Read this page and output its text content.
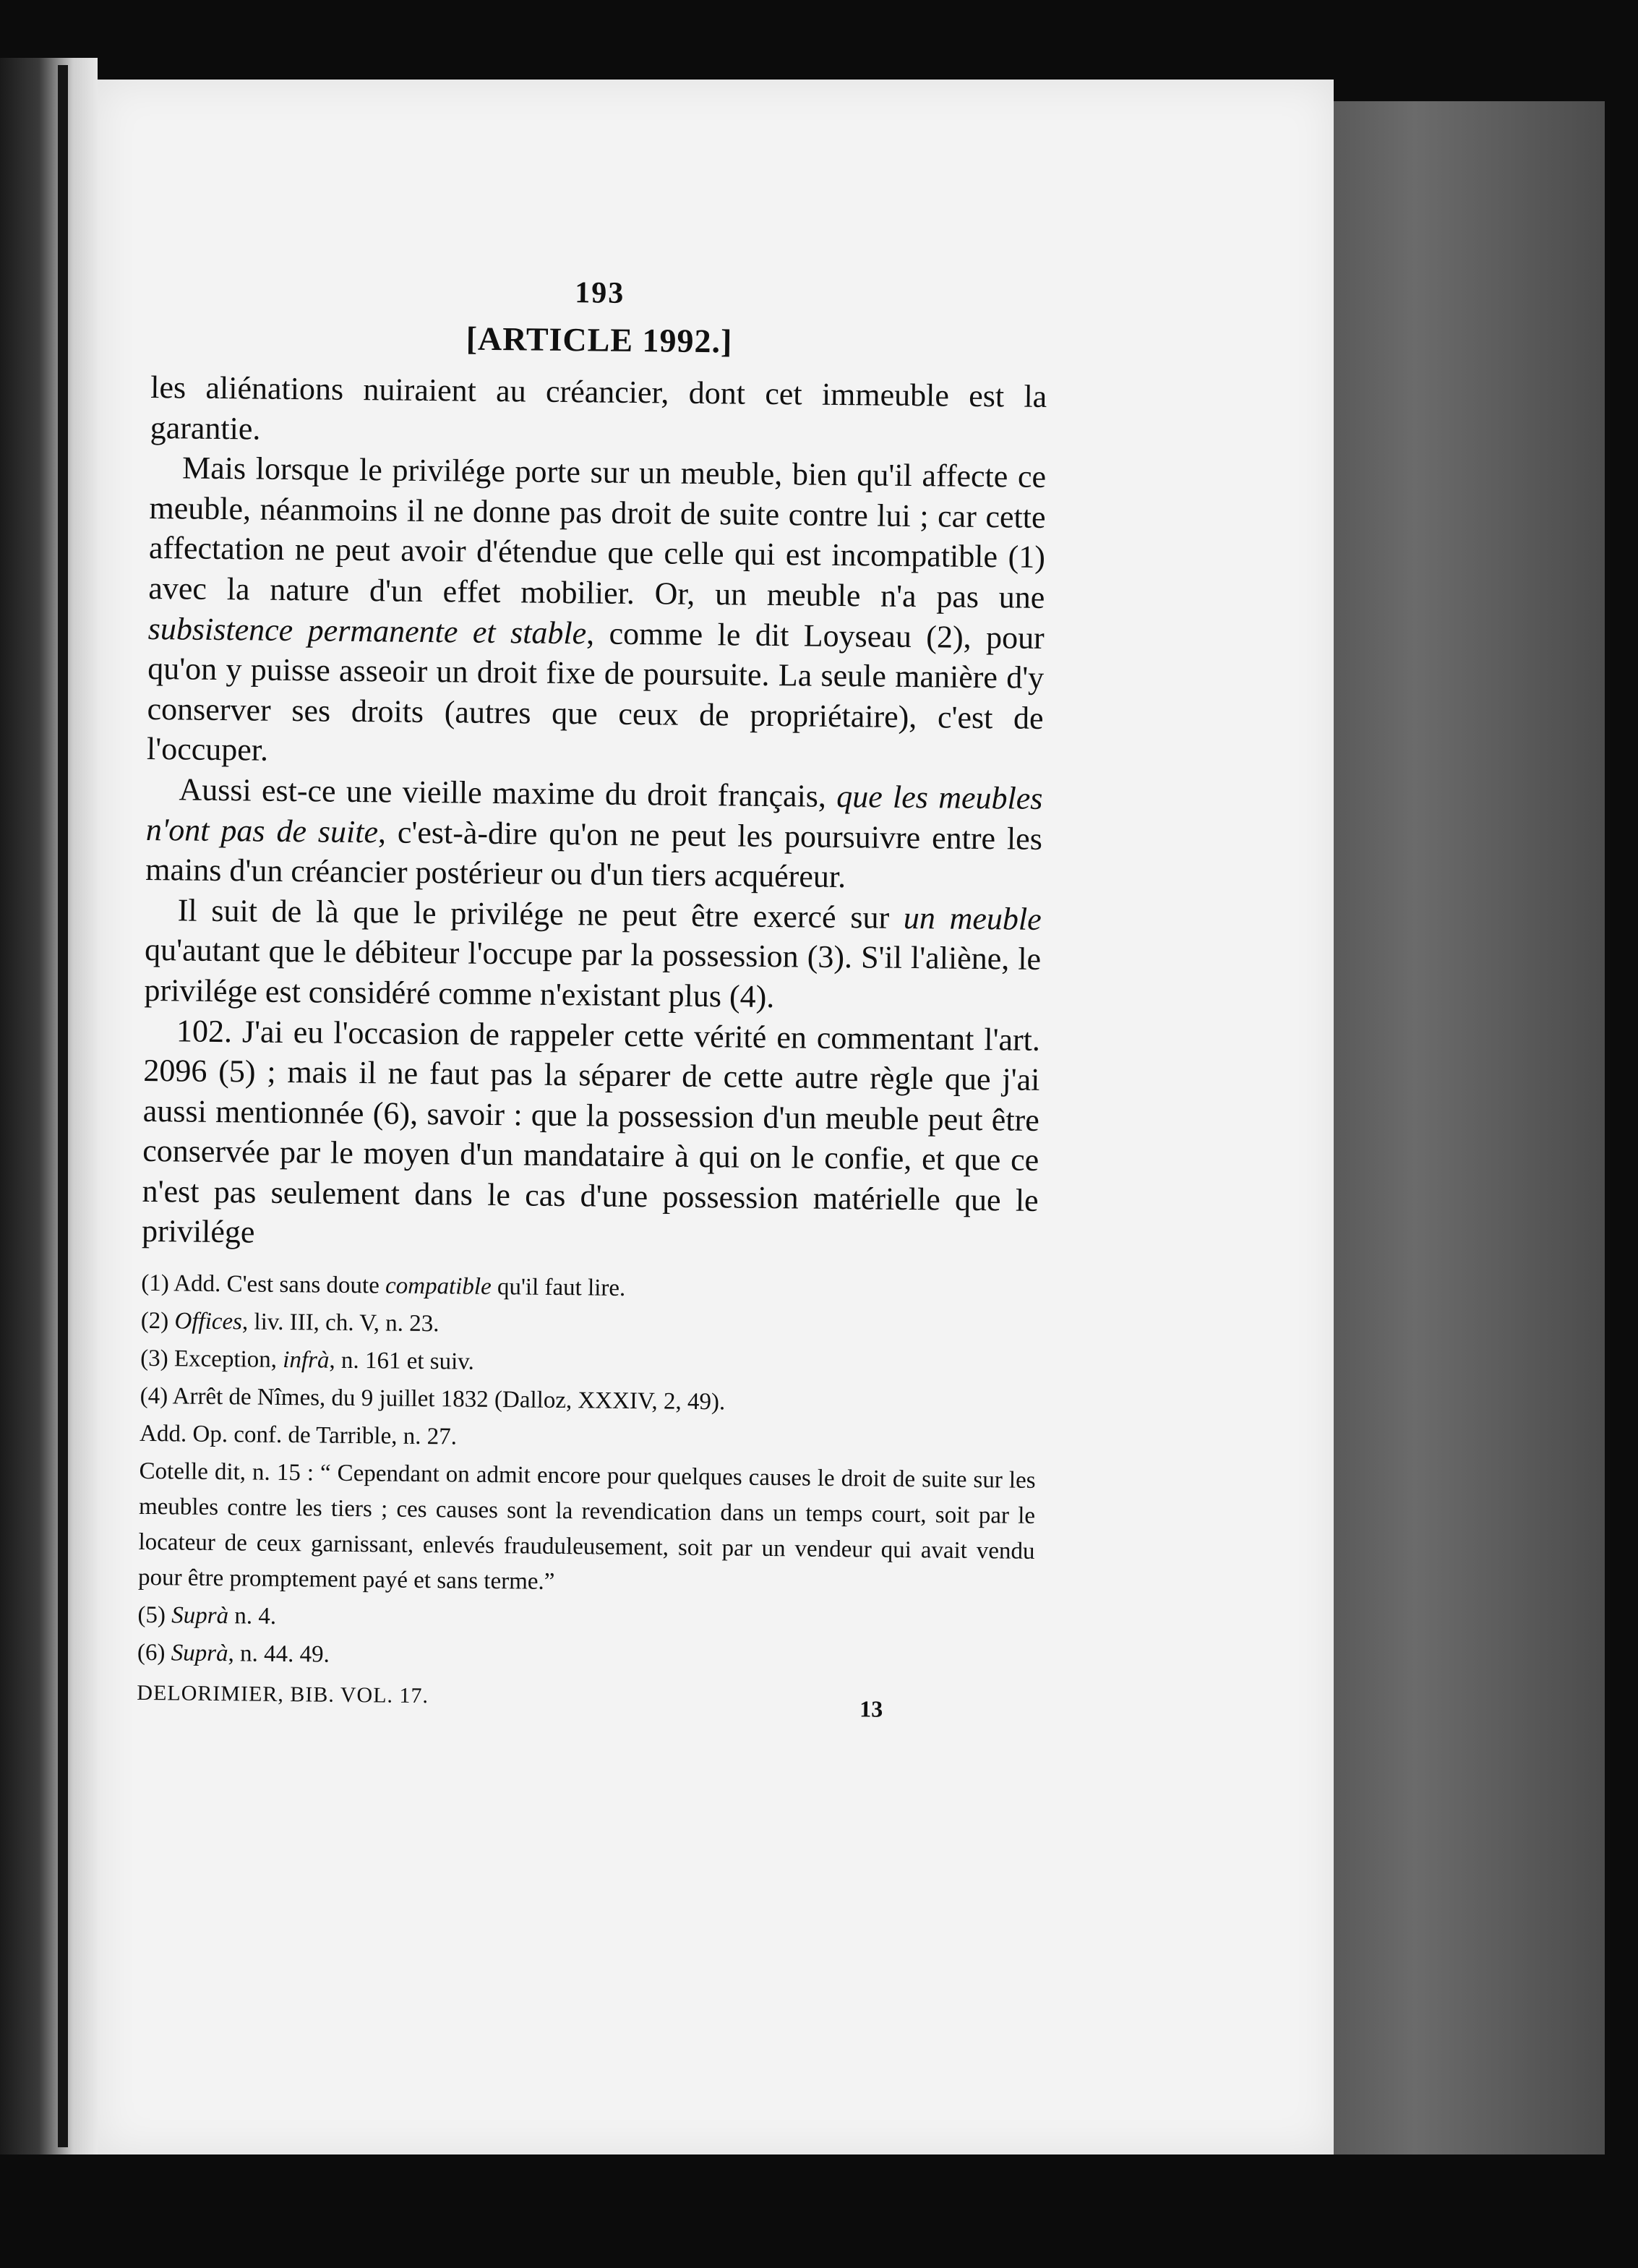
193
[ARTICLE 1992.]

les aliénations nuiraient au créancier, dont cet immeuble est la garantie.

Mais lorsque le privilége porte sur un meuble, bien qu'il affecte ce meuble, néanmoins il ne donne pas droit de suite contre lui ; car cette affectation ne peut avoir d'étendue que celle qui est incompatible (1) avec la nature d'un effet mobilier. Or, un meuble n'a pas une subsistence permanente et stable, comme le dit Loyseau (2), pour qu'on y puisse asseoir un droit fixe de poursuite. La seule manière d'y conserver ses droits (autres que ceux de propriétaire), c'est de l'occuper.

Aussi est-ce une vieille maxime du droit français, que les meubles n'ont pas de suite, c'est-à-dire qu'on ne peut les poursuivre entre les mains d'un créancier postérieur ou d'un tiers acquéreur.

Il suit de là que le privilége ne peut être exercé sur un meuble qu'autant que le débiteur l'occupe par la possession (3). S'il l'aliène, le privilége est considéré comme n'existant plus (4).

102. J'ai eu l'occasion de rappeler cette vérité en commentant l'art. 2096 (5) ; mais il ne faut pas la séparer de cette autre règle que j'ai aussi mentionnée (6), savoir : que la possession d'un meuble peut être conservée par le moyen d'un mandataire à qui on le confie, et que ce n'est pas seulement dans le cas d'une possession matérielle que le privilége

(1) Add. C'est sans doute compatible qu'il faut lire.

(2) Offices, liv. III, ch. V, n. 23.

(3) Exception, infrà, n. 161 et suiv.

(4) Arrêt de Nîmes, du 9 juillet 1832 (Dalloz, XXXIV, 2, 49).

Add. Op. conf. de Tarrible, n. 27.

Cotelle dit, n. 15 : “ Cependant on admit encore pour quelques causes le droit de suite sur les meubles contre les tiers ; ces causes sont la revendication dans un temps court, soit par le locateur de ceux garnissant, enlevés frauduleusement, soit par un vendeur qui avait vendu pour être promptement payé et sans terme.”

(5) Suprà n. 4.

(6) Suprà, n. 44. 49.

DELORIMIER, BIB. VOL. 17.
13
